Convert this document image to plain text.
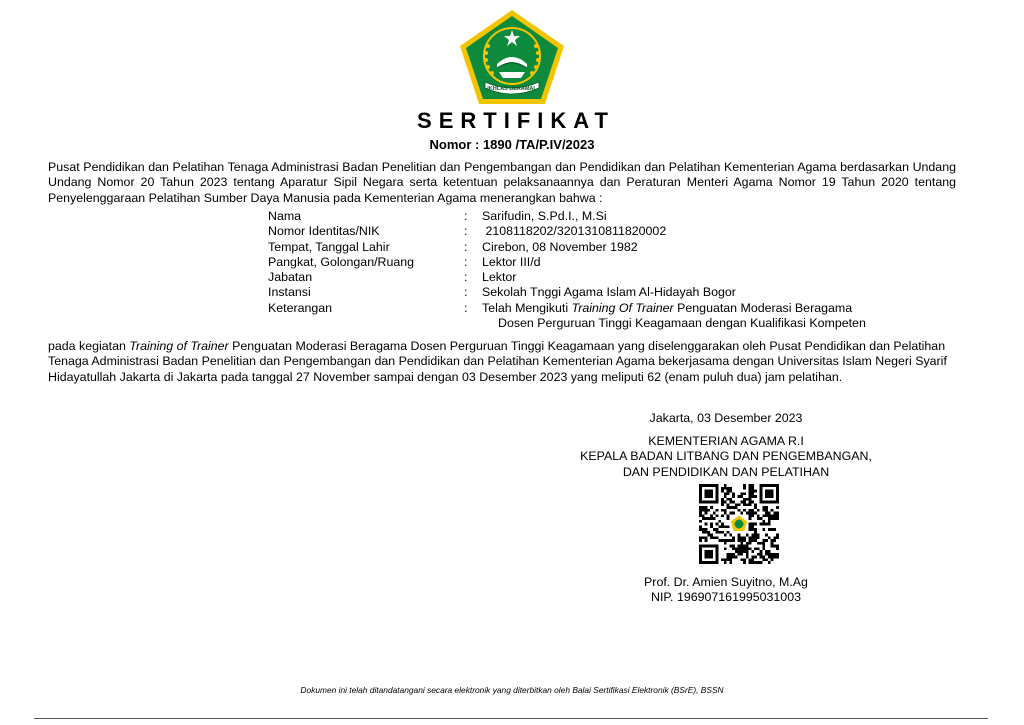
IKHLAS BERAMAL
SERTIFIKAT
Nomor : 1890 /TA/P.IV/2023
Pusat Pendidikan dan Pelatihan Tenaga Administrasi Badan Penelitian dan Pengembangan dan Pendidikan dan Pelatihan Kementerian Agama berdasarkan Undang Undang Nomor 20 Tahun 2023 tentang Aparatur Sipil Negara serta ketentuan pelaksanaannya dan Peraturan Menteri Agama Nomor 19 Tahun 2020 tentang Penyelenggaraan Pelatihan Sumber Daya Manusia pada Kementerian Agama menerangkan bahwa :
Nama	:	Sarifudin, S.Pd.I., M.Si
Nomor Identitas/NIK	:	2108118202/3201310811820002
Tempat, Tanggal Lahir	:	Cirebon, 08 November 1982
Pangkat, Golongan/Ruang	:	Lektor III/d
Jabatan	:	Lektor
Instansi	:	Sekolah Tnggi Agama Islam Al-Hidayah Bogor
Keterangan	:	Telah Mengikuti Training Of Trainer Penguatan Moderasi Beragama
Dosen Perguruan Tinggi Keagamaan dengan Kualifikasi Kompeten
pada kegiatan Training of Trainer Penguatan Moderasi Beragama Dosen Perguruan Tinggi Keagamaan yang diselenggarakan oleh Pusat Pendidikan dan Pelatihan Tenaga Administrasi Badan Penelitian dan Pengembangan dan Pendidikan dan Pelatihan Kementerian Agama bekerjasama dengan Universitas Islam Negeri Syarif Hidayatullah Jakarta di Jakarta pada tanggal 27 November sampai dengan 03 Desember 2023 yang meliputi 62 (enam puluh dua) jam pelatihan.
Jakarta, 03 Desember 2023
KEMENTERIAN AGAMA R.I
KEPALA BADAN LITBANG DAN PENGEMBANGAN,
DAN PENDIDIKAN DAN PELATIHAN
Prof. Dr. Amien Suyitno, M.Ag
NIP. 196907161995031003
Dokumen ini telah ditandatangani secara elektronik yang diterbitkan oleh Balai Sertifikasi Elektronik (BSrE), BSSN
